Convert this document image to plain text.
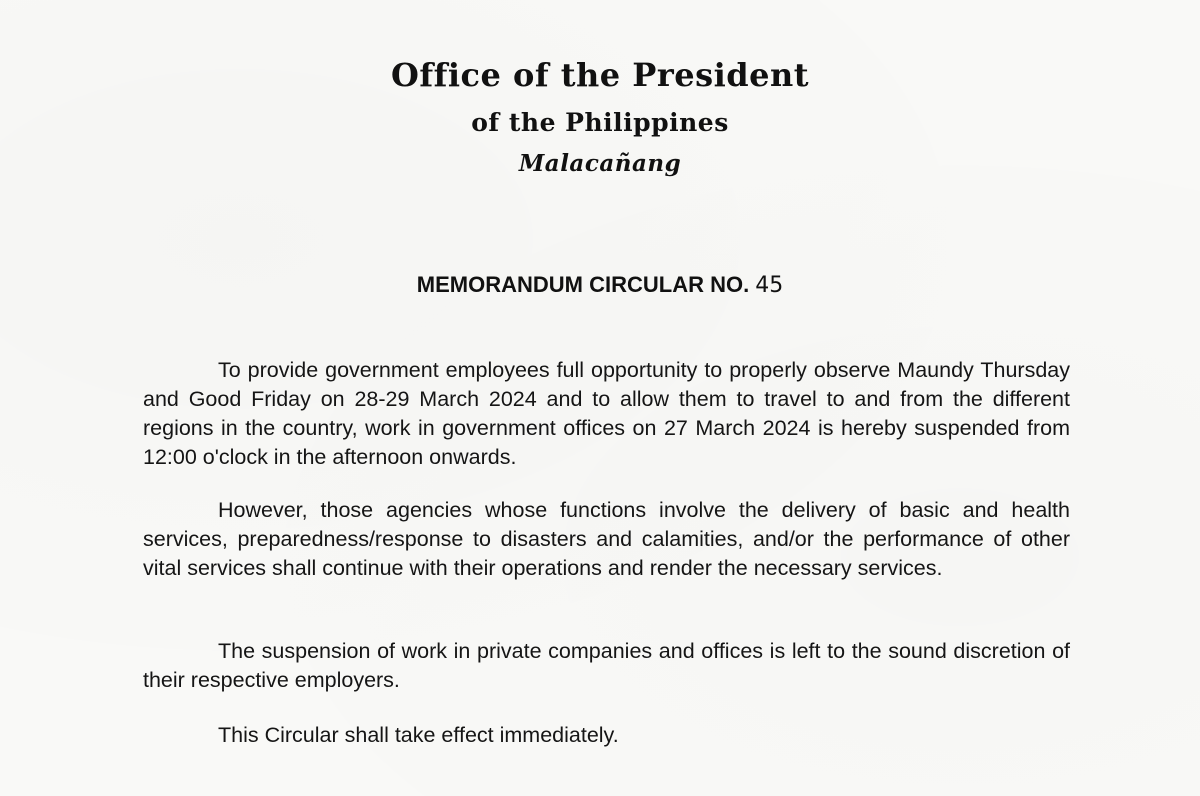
Office of the President
of the Philippines
Malacañang
MEMORANDUM CIRCULAR NO. 45
To provide government employees full opportunity to properly observe Maundy Thursday and Good Friday on 28-29 March 2024 and to allow them to travel to and from the different regions in the country, work in government offices on 27 March 2024 is hereby suspended from 12:00 o'clock in the afternoon onwards.
However, those agencies whose functions involve the delivery of basic and health services, preparedness/response to disasters and calamities, and/or the performance of other vital services shall continue with their operations and render the necessary services.
The suspension of work in private companies and offices is left to the sound discretion of their respective employers.
This Circular shall take effect immediately.
